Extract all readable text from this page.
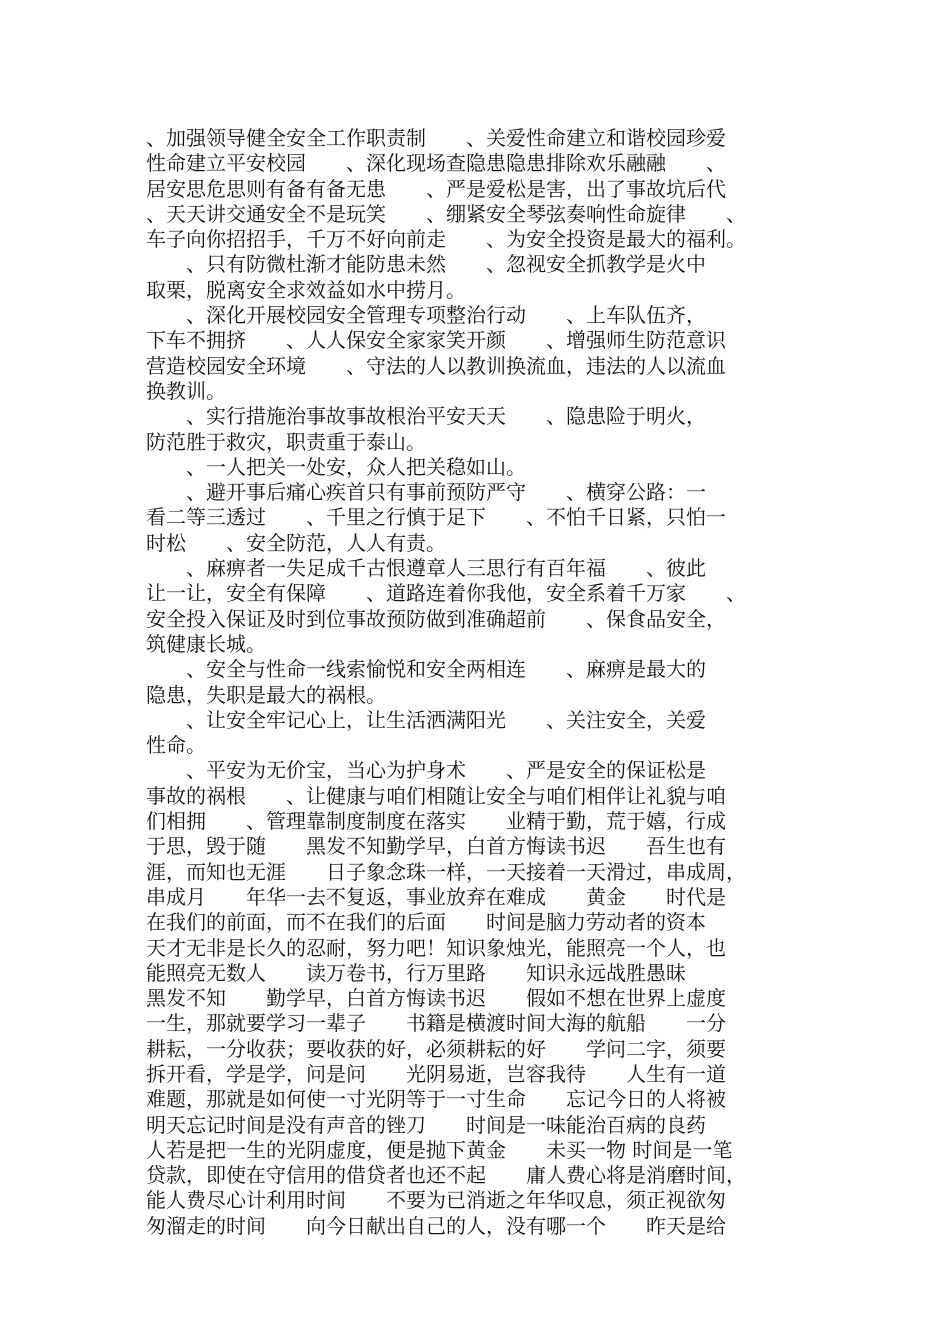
、加强领导健全安全工作职责制　　、关爱性命建立和谐校园珍爱
性命建立平安校园　　、深化现场查隐患隐患排除欢乐融融　　、
居安思危思则有备有备无患　　、严是爱松是害，出了事故坑后代
、天天讲交通安全不是玩笑　　、绷紧安全琴弦奏响性命旋律　　、
车子向你招招手，千万不好向前走　　、为安全投资是最大的福利。
　　、只有防微杜渐才能防患未然　　、忽视安全抓教学是火中
取栗，脱离安全求效益如水中捞月。
　　、深化开展校园安全管理专项整治行动　　、上车队伍齐，
下车不拥挤　　、人人保安全家家笑开颜　　、增强师生防范意识
营造校园安全环境　　、守法的人以教训换流血，违法的人以流血
换教训。
　　、实行措施治事故事故根治平安天天　　、隐患险于明火，
防范胜于救灾，职责重于泰山。
　　、一人把关一处安，众人把关稳如山。
　　、避开事后痛心疾首只有事前预防严守　　、横穿公路：一
看二等三透过　　、千里之行慎于足下　　、不怕千日紧，只怕一
时松　　、安全防范，人人有责。
　　、麻痹者一失足成千古恨遵章人三思行有百年福　　、彼此
让一让，安全有保障　　、道路连着你我他，安全系着千万家　　、
安全投入保证及时到位事故预防做到准确超前　　、保食品安全，
筑健康长城。
　　、安全与性命一线索愉悦和安全两相连　　、麻痹是最大的
隐患，失职是最大的祸根。
　　、让安全牢记心上，让生活洒满阳光　　、关注安全，关爱
性命。
　　、平安为无价宝，当心为护身术　　、严是安全的保证松是
事故的祸根　　、让健康与咱们相随让安全与咱们相伴让礼貌与咱
们相拥　　、管理靠制度制度在落实　　业精于勤，荒于嬉，行成
于思，毁于随　　黑发不知勤学早，白首方悔读书迟　　吾生也有
涯，而知也无涯　　日子象念珠一样，一天接着一天滑过，串成周，
串成月　　年华一去不复返，事业放弃在难成　　黄金　　时代是
在我们的前面，而不在我们的后面　　时间是脑力劳动者的资本
天才无非是长久的忍耐，努力吧！知识象烛光，能照亮一个人，也
能照亮无数人　　读万卷书，行万里路　　知识永远战胜愚昧
黑发不知　　勤学早，白首方悔读书迟　　假如不想在世界上虚度
一生，那就要学习一辈子　　书籍是横渡时间大海的航船　　一分
耕耘，一分收获；要收获的好，必须耕耘的好　　学问二字，须要
拆开看，学是学，问是问　　光阴易逝，岂容我待　　人生有一道
难题，那就是如何使一寸光阴等于一寸生命　　忘记今日的人将被
明天忘记时间是没有声音的锉刀　　时间是一味能治百病的良药
人若是把一生的光阴虚度，便是抛下黄金　　未买一物 时间是一笔
贷款，即使在守信用的借贷者也还不起　　庸人费心将是消磨时间，
能人费尽心计利用时间　　不要为已消逝之年华叹息，须正视欲匆
匆溜走的时间　　向今日献出自己的人，没有哪一个　　昨天是给
